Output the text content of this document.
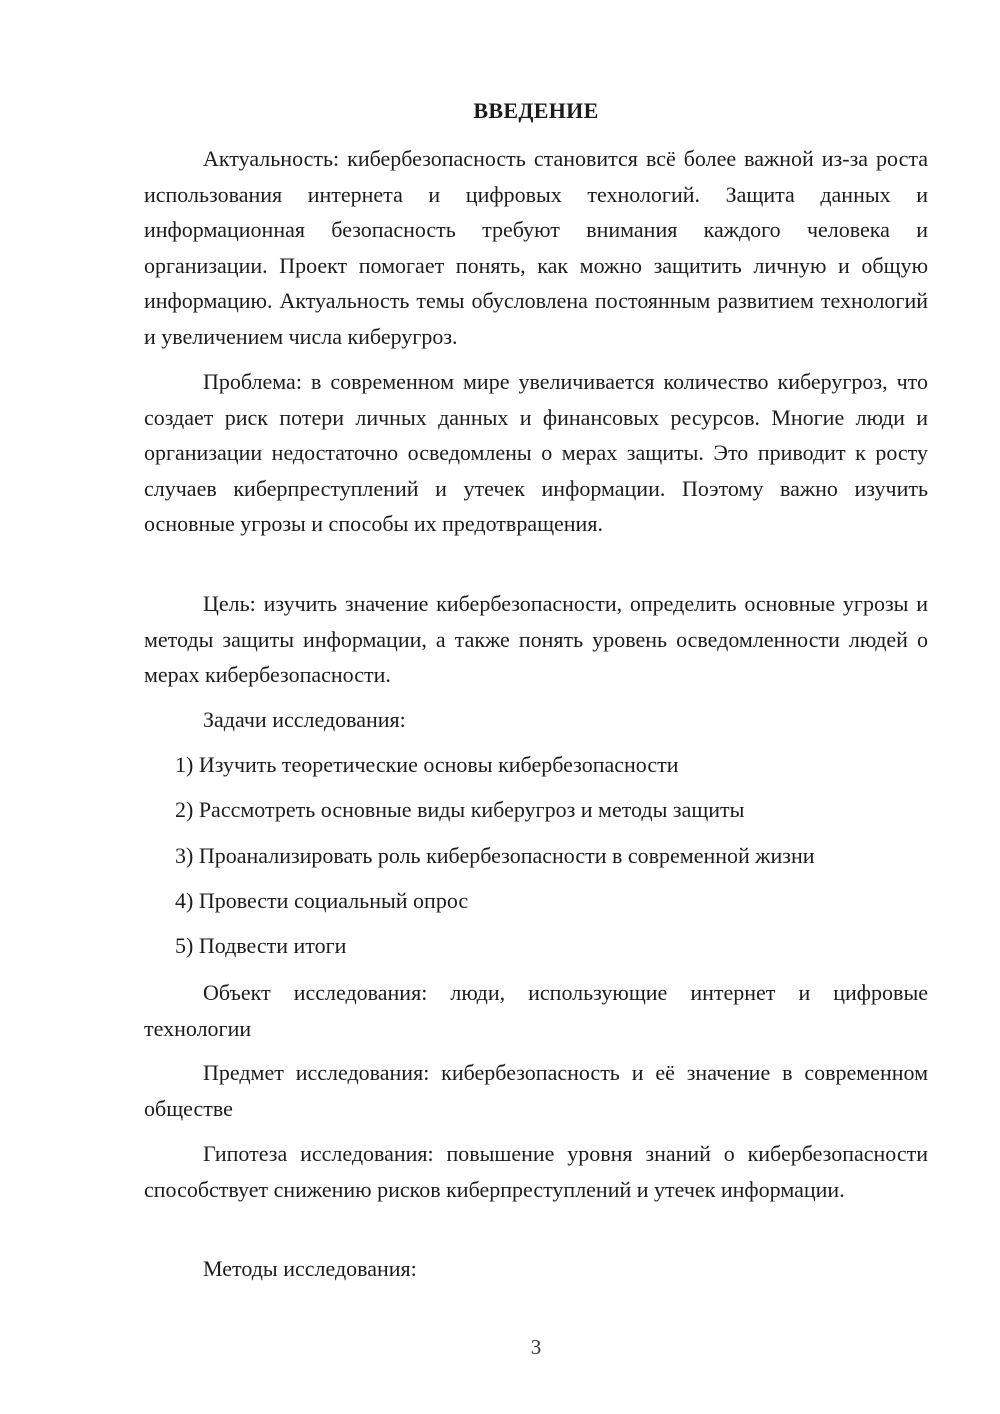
ВВЕДЕНИЕ

Актуальность: кибербезопасность становится всё более важной из-за роста использования интернета и цифровых технологий. Защита данных и информационная безопасность требуют внимания каждого человека и организации. Проект помогает понять, как можно защитить личную и общую информацию. Актуальность темы обусловлена постоянным развитием технологий и увеличением числа киберугроз.

Проблема: в современном мире увеличивается количество киберугроз, что создает риск потери личных данных и финансовых ресурсов. Многие люди и организации недостаточно осведомлены о мерах защиты. Это приводит к росту случаев киберпреступлений и утечек информации. Поэтому важно изучить основные угрозы и способы их предотвращения.

Цель: изучить значение кибербезопасности, определить основные угрозы и методы защиты информации, а также понять уровень осведомленности людей о мерах кибербезопасности.

Задачи исследования:

1) Изучить теоретические основы кибербезопасности
2) Рассмотреть основные виды киберугроз и методы защиты
3) Проанализировать роль кибербезопасности в современной жизни
4) Провести социальный опрос
5) Подвести итоги

Объект исследования: люди, использующие интернет и цифровые технологии

Предмет исследования: кибербезопасность и её значение в современном обществе

Гипотеза исследования: повышение уровня знаний о кибербезопасности способствует снижению рисков киберпреступлений и утечек информации.

Методы исследования:

3
